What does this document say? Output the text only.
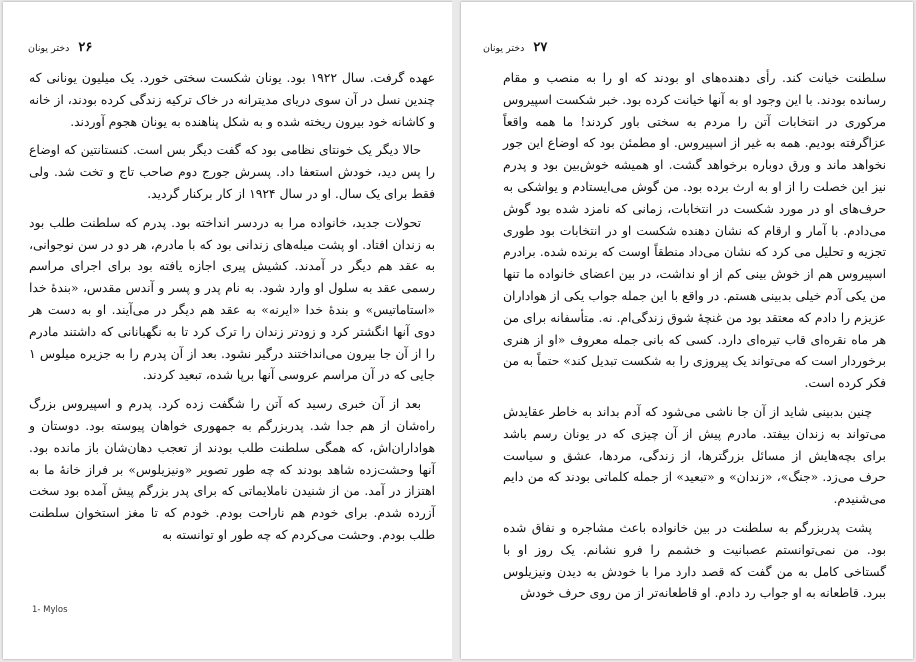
۲۶ دختر یونان

عهده گرفت. سال ۱۹۲۲ بود. یونان شکست سختی خورد. یک میلیون یونانی که چندین نسل در آن سوی دریای مدیترانه در خاک ترکیه زندگی کرده بودند، از خانه و کاشانه خود بیرون ریخته شده و به شکل پناهنده به یونان هجوم آوردند.

حالا دیگر یک خونتای نظامی بود که گفت دیگر بس است. کنستانتین که اوضاع را پس دید، خودش استعفا داد. پسرش جورج دوم صاحب تاج و تخت شد. ولی فقط برای یک سال. او در سال ۱۹۲۴ از کار برکنار گردید.

تحولات جدید، خانواده مرا به دردسر انداخته بود. پدرم که سلطنت طلب بود به زندان افتاد. او پشت میله‌های زندانی بود که با مادرم، هر دو در سن نوجوانی، به عقد هم دیگر در آمدند. کشیش پیری اجازه یافته بود برای اجرای مراسم رسمی عقد به سلول او وارد شود. به نام پدر و پسر و آندس مقدس، «بندهٔ خدا «استاماتیس» و بندهٔ خدا «ایرنه» به عقد هم دیگر در می‌آیند. او به دست هر دوی آنها انگشتر کرد و زودتر زندان را ترک کرد تا به نگهبانانی که داشتند مادرم را از آن جا بیرون می‌انداختند درگیر نشود. بعد از آن پدرم را به جزیره میلوس ۱ جایی که در آن مراسم عروسی آنها برپا شده، تبعید کردند.

بعد از آن خبری رسید که آتن را شگفت زده کرد. پدرم و اسپیروس بزرگ راه‌شان از هم جدا شد. پدربزرگم به جمهوری خواهان پیوسته بود. دوستان و هواداران‌اش، که همگی سلطنت طلب بودند از تعجب دهان‌شان باز مانده بود. آنها وحشت‌زده شاهد بودند که چه طور تصویر «ونیزیلوس» بر فراز خانهٔ ما به اهتزاز در آمد. من از شنیدن ناملایماتی که برای پدر بزرگم پیش آمده بود سخت آزرده شدم. برای خودم هم ناراحت بودم. خودم که تا مغز استخوان سلطنت طلب بودم. وحشت می‌کردم که چه طور او توانسته به

1- Mylos
۲۷ دختر یونان

سلطنت خیانت کند. رأی دهنده‌های او بودند که او را به منصب و مقام رسانده بودند. با این وجود او به آنها خیانت کرده بود. خبر شکست اسپیروس مرکوری در انتخابات آتن را مردم به سختی باور کردند! ما همه واقعاً عزاگرفته بودیم. همه به غیر از اسپیروس. او مطمئن بود که اوضاع این جور نخواهد ماند و ورق دوباره برخواهد گشت. او همیشه خوش‌بین بود و پدرم نیز این خصلت را از او به ارث برده بود. من گوش می‌ایستادم و یواشکی به حرف‌های او در مورد شکست در انتخابات، زمانی که نامزد شده بود گوش می‌دادم. با آمار و ارقام که نشان دهنده شکست او در انتخابات بود طوری تجزیه و تحلیل می کرد که نشان می‌داد منطقاً اوست که برنده شده. برادرم اسپیروس هم از خوش بینی کم از او نداشت، در بین اعضای خانواده ما تنها من یکی آدم خیلی بدبینی هستم. در واقع با این جمله جواب یکی از هواداران عزیزم را دادم که معتقد بود من غنچهٔ شوق زندگی‌ام. نه. متأسفانه برای من هر ماه نقره‌ای قاب تیره‌ای دارد. کسی که بانی جمله معروف «او از هنری برخوردار است که می‌تواند یک پیروزی را به شکست تبدیل کند» حتماً به من فکر کرده است.

چنین بدبینی شاید از آن جا ناشی می‌شود که آدم بداند به خاطر عقایدش می‌تواند به زندان بیفتد. مادرم پیش از آن چیزی که در یونان رسم باشد برای بچه‌هایش از مسائل بزرگترها، از زندگی، مردها، عشق و سیاست حرف می‌زد. «جنگ»، «زندان» و «تبعید» از جمله کلماتی بودند که من دایم می‌شنیدم.

پشت پدربزرگم به سلطنت در بین خانواده باعث مشاجره و نفاق شده بود. من نمی‌توانستم عصبانیت و خشمم را فرو نشانم. یک روز او با گستاخی کامل به من گفت که قصد دارد مرا با خودش به دیدن ونیزیلوس ببرد. قاطعانه به او جواب رد دادم. او قاطعانه‌تر از من روی حرف خودش
